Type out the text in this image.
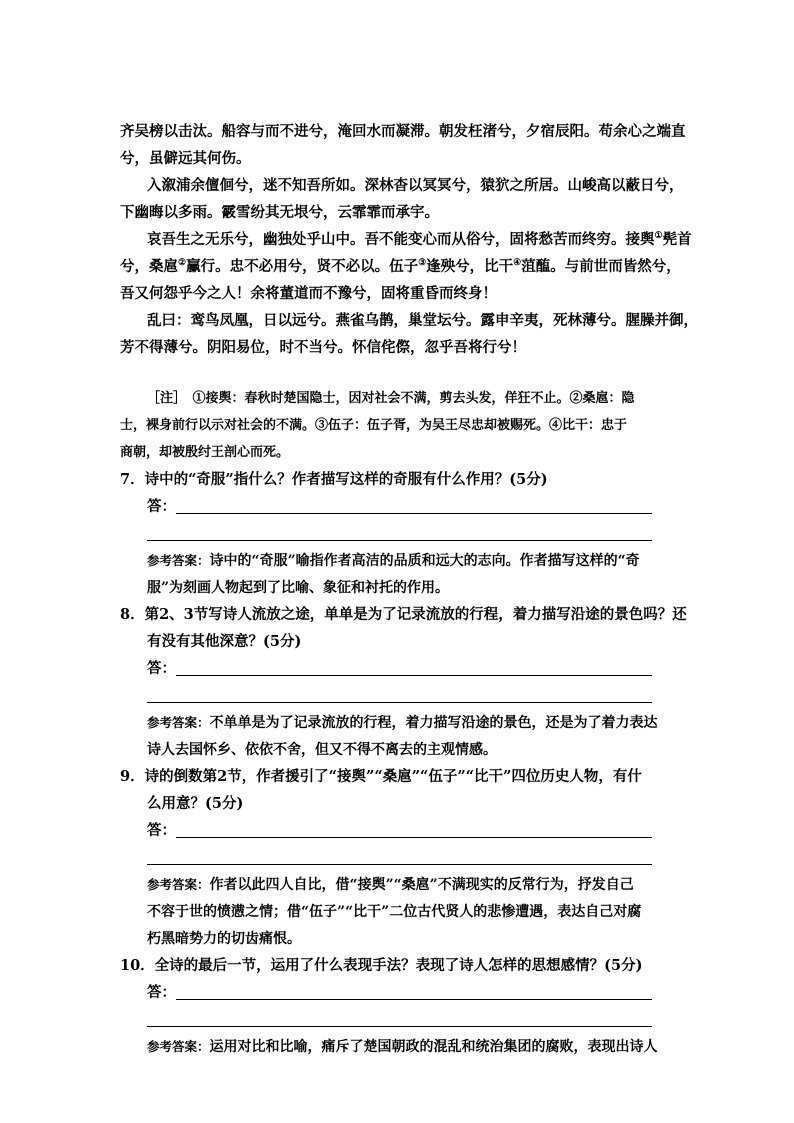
齐吴榜以击汰。船容与而不进兮，淹回水而凝滞。朝发枉渚兮，夕宿辰阳。苟余心之端直
兮，虽僻远其何伤。
入溆浦余儃佪兮，迷不知吾所如。深林杳以冥冥兮，猿狖之所居。山峻高以蔽日兮，
下幽晦以多雨。霰雪纷其无垠兮，云霏霏而承宇。
哀吾生之无乐兮，幽独处乎山中。吾不能变心而从俗兮，固将愁苦而终穷。接舆①髡首
兮，桑扈②臝行。忠不必用兮，贤不必以。伍子③逢殃兮，比干④菹醢。与前世而皆然兮，
吾又何怨乎今之人！余将董道而不豫兮，固将重昏而终身！
乱曰：鸾鸟凤凰，日以远兮。燕雀乌鹊，巢堂坛兮。露申辛夷，死林薄兮。腥臊并御，
芳不得薄兮。阴阳易位，时不当兮。怀信侘傺，忽乎吾将行兮！
［注］　①接舆：春秋时楚国隐士，因对社会不满，剪去头发，佯狂不止。②桑扈：隐
士，裸身前行以示对社会的不满。③伍子：伍子胥，为吴王尽忠却被赐死。④比干：忠于
商朝，却被殷纣王剖心而死。
7．诗中的“奇服”指什么？作者描写这样的奇服有什么作用？(5分)
答：
参考答案：诗中的“奇服”喻指作者高洁的品质和远大的志向。作者描写这样的“奇
服”为刻画人物起到了比喻、象征和衬托的作用。
8．第2、3节写诗人流放之途，单单是为了记录流放的行程，着力描写沿途的景色吗？还
有没有其他深意？(5分)
答：
参考答案：不单单是为了记录流放的行程，着力描写沿途的景色，还是为了着力表达
诗人去国怀乡、依依不舍，但又不得不离去的主观情感。
9．诗的倒数第2节，作者援引了“接舆”“桑扈”“伍子”“比干”四位历史人物，有什
么用意？(5分)
答：
参考答案：作者以此四人自比，借“接舆”“桑扈”不满现实的反常行为，抒发自己
不容于世的愤懑之情；借“伍子”“比干”二位古代贤人的悲惨遭遇，表达自己对腐
朽黑暗势力的切齿痛恨。
10．全诗的最后一节，运用了什么表现手法？表现了诗人怎样的思想感情？(5分)
答：
参考答案：运用对比和比喻，痛斥了楚国朝政的混乱和统治集团的腐败，表现出诗人
